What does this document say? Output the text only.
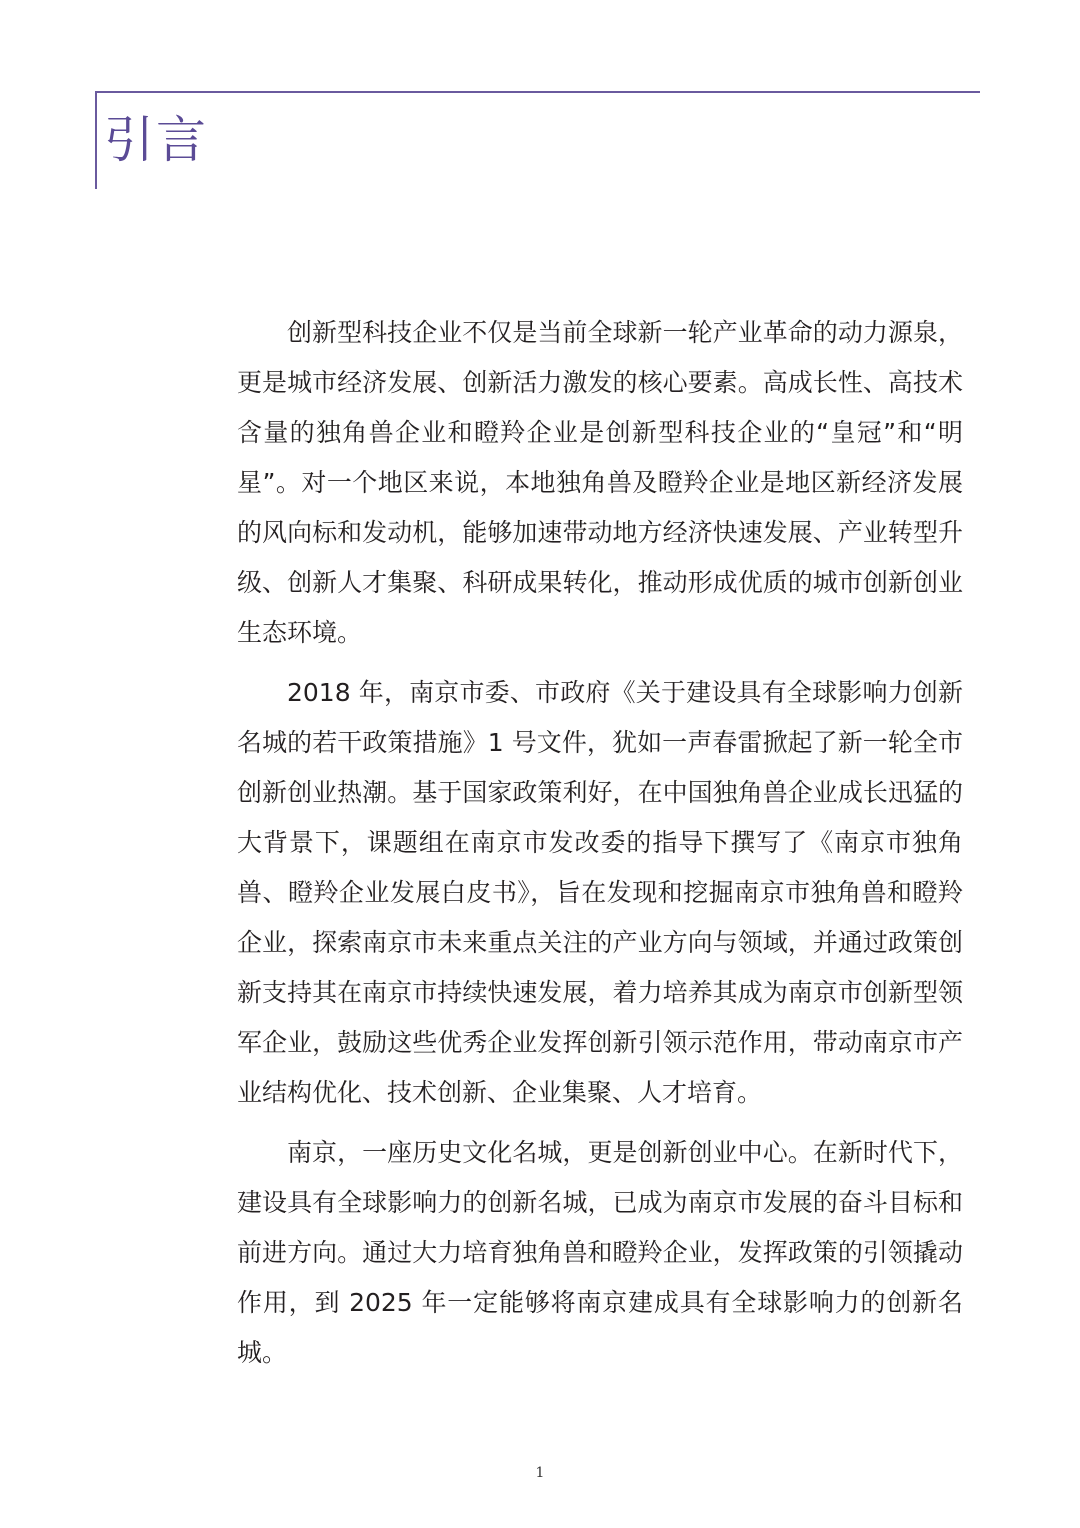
引言

创新型科技企业不仅是当前全球新一轮产业革命的动力源泉，更是城市经济发展、创新活力激发的核心要素。高成长性、高技术含量的独角兽企业和瞪羚企业是创新型科技企业的“皇冠”和“明星”。对一个地区来说，本地独角兽及瞪羚企业是地区新经济发展的风向标和发动机，能够加速带动地方经济快速发展、产业转型升级、创新人才集聚、科研成果转化，推动形成优质的城市创新创业生态环境。

2018 年，南京市委、市政府《关于建设具有全球影响力创新名城的若干政策措施》1 号文件，犹如一声春雷掀起了新一轮全市创新创业热潮。基于国家政策利好，在中国独角兽企业成长迅猛的大背景下，课题组在南京市发改委的指导下撰写了《南京市独角兽、瞪羚企业发展白皮书》，旨在发现和挖掘南京市独角兽和瞪羚企业，探索南京市未来重点关注的产业方向与领域，并通过政策创新支持其在南京市持续快速发展，着力培养其成为南京市创新型领军企业，鼓励这些优秀企业发挥创新引领示范作用，带动南京市产业结构优化、技术创新、企业集聚、人才培育。

南京，一座历史文化名城，更是创新创业中心。在新时代下，建设具有全球影响力的创新名城，已成为南京市发展的奋斗目标和前进方向。通过大力培育独角兽和瞪羚企业，发挥政策的引领撬动作用，到 2025 年一定能够将南京建成具有全球影响力的创新名城。

1
